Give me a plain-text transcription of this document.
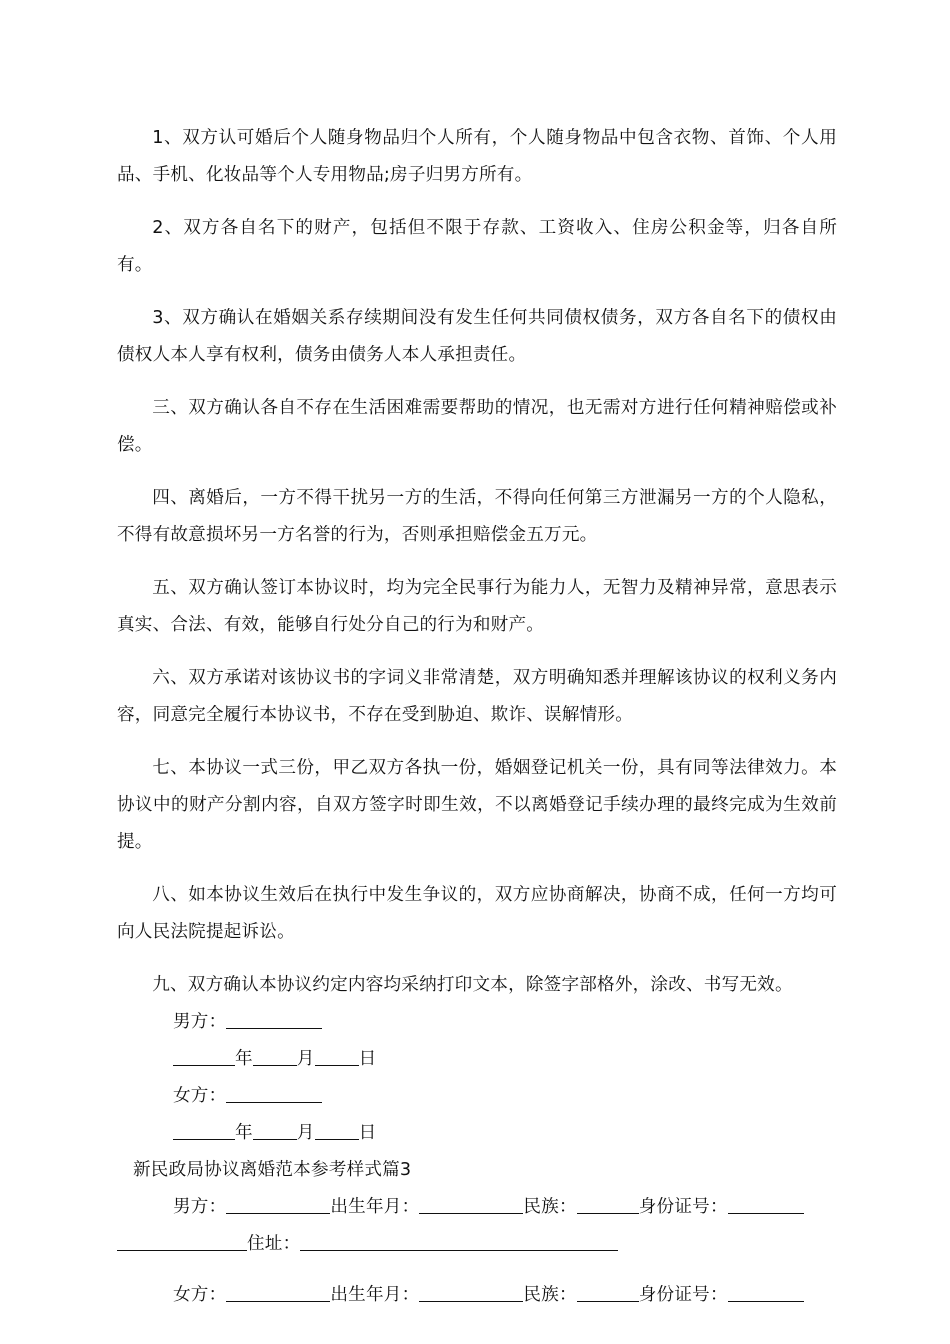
1、双方认可婚后个人随身物品归个人所有，个人随身物品中包含衣物、首饰、个人用品、手机、化妆品等个人专用物品;房子归男方所有。

2、双方各自名下的财产，包括但不限于存款、工资收入、住房公积金等，归各自所有。

3、双方确认在婚姻关系存续期间没有发生任何共同债权债务，双方各自名下的债权由债权人本人享有权利，债务由债务人本人承担责任。

三、双方确认各自不存在生活困难需要帮助的情况，也无需对方进行任何精神赔偿或补偿。

四、离婚后，一方不得干扰另一方的生活，不得向任何第三方泄漏另一方的个人隐私，不得有故意损坏另一方名誉的行为，否则承担赔偿金五万元。

五、双方确认签订本协议时，均为完全民事行为能力人，无智力及精神异常，意思表示真实、合法、有效，能够自行处分自己的行为和财产。

六、双方承诺对该协议书的字词义非常清楚，双方明确知悉并理解该协议的权利义务内容，同意完全履行本协议书，不存在受到胁迫、欺诈、误解情形。

七、本协议一式三份，甲乙双方各执一份，婚姻登记机关一份，具有同等法律效力。本协议中的财产分割内容，自双方签字时即生效，不以离婚登记手续办理的最终完成为生效前提。

八、如本协议生效后在执行中发生争议的，双方应协商解决，协商不成，任何一方均可向人民法院提起诉讼。

九、双方确认本协议约定内容均采纳打印文本，除签字部格外，涂改、书写无效。

男方：
年	月	日
女方：
年	月	日
新民政局协议离婚范本参考样式篇3
男方：	出生年月：	民族：	身份证号：
住址：
女方：	出生年月：	民族：	身份证号：
